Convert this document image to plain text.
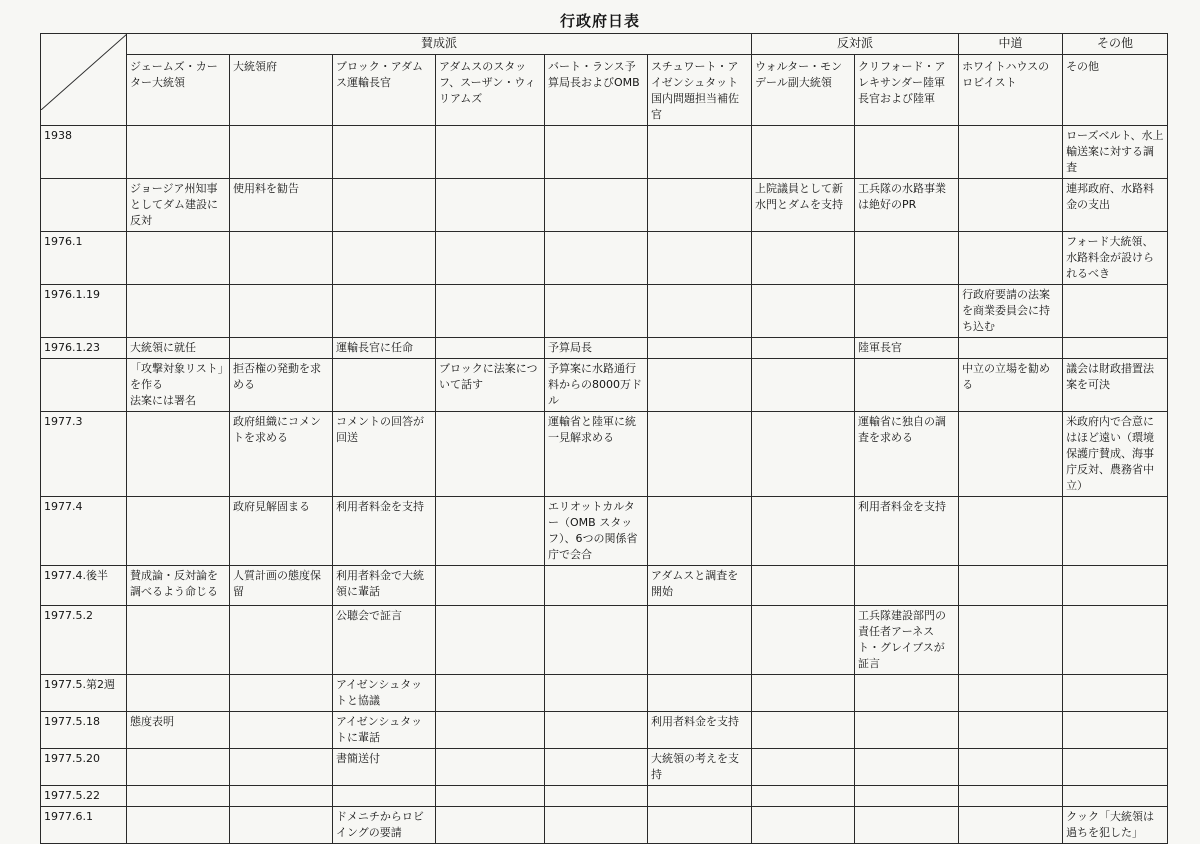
行政府日表
	賛成派						反対派		中道	その他
	ジェームズ・カーター大統領	大統領府	ブロック・アダムス運輸長官	アダムスのスタッフ、スーザン・ウィリアムズ	バート・ランス予算局長およびOMB	スチュワート・アイゼンシュタット国内問題担当補佐官	ウォルター・モンデール副大統領	クリフォード・アレキサンダー陸軍長官および陸軍	ホワイトハウスのロビイスト	その他
1938										ローズベルト、水上輸送案に対する調査

	ジョージア州知事としてダム建設に反対	使用料を勧告					上院議員として新水門とダムを支持	工兵隊の水路事業は絶好のPR		連邦政府、水路料金の支出

1976.1										フォード大統領、水路料金が設けられるべき

1976.1.19									行政府要請の法案を商業委員会に持ち込む	

1976.1.23	大統領に就任		運輸長官に任命		予算局長			陸軍長官		

	「攻撃対象リスト」を作る
法案には署名	拒否権の発動を求める		ブロックに法案について話す	予算案に水路通行料からの8000万ドル				中立の立場を勧める	議会は財政措置法案を可決

1977.3		政府組織にコメントを求める	コメントの回答が回送		運輸省と陸軍に統一見解求める			運輸省に独自の調査を求める		米政府内で合意にはほど遠い（環境保護庁賛成、海事庁反対、農務省中立）

1977.4		政府見解固まる	利用者料金を支持		エリオットカルター（OMB スタッフ）、6つの関係省庁で会合			利用者料金を支持		

1977.4.後半	賛成論・反対論を調べるよう命じる	人質計画の態度保留	利用者料金で大統領に輩話			アダムスと調査を開始				

1977.5.2			公聴会で証言					工兵隊建設部門の責任者アーネスト・グレイブスが証言		

1977.5.第2週			アイゼンシュタットと協議							

1977.5.18	態度表明		アイゼンシュタットに輩話			利用者料金を支持				

1977.5.20			書簡送付			大統領の考えを支持				

1977.5.22										
1977.6.1			ドメニチからロビイングの要請							クック「大統領は過ちを犯した」
